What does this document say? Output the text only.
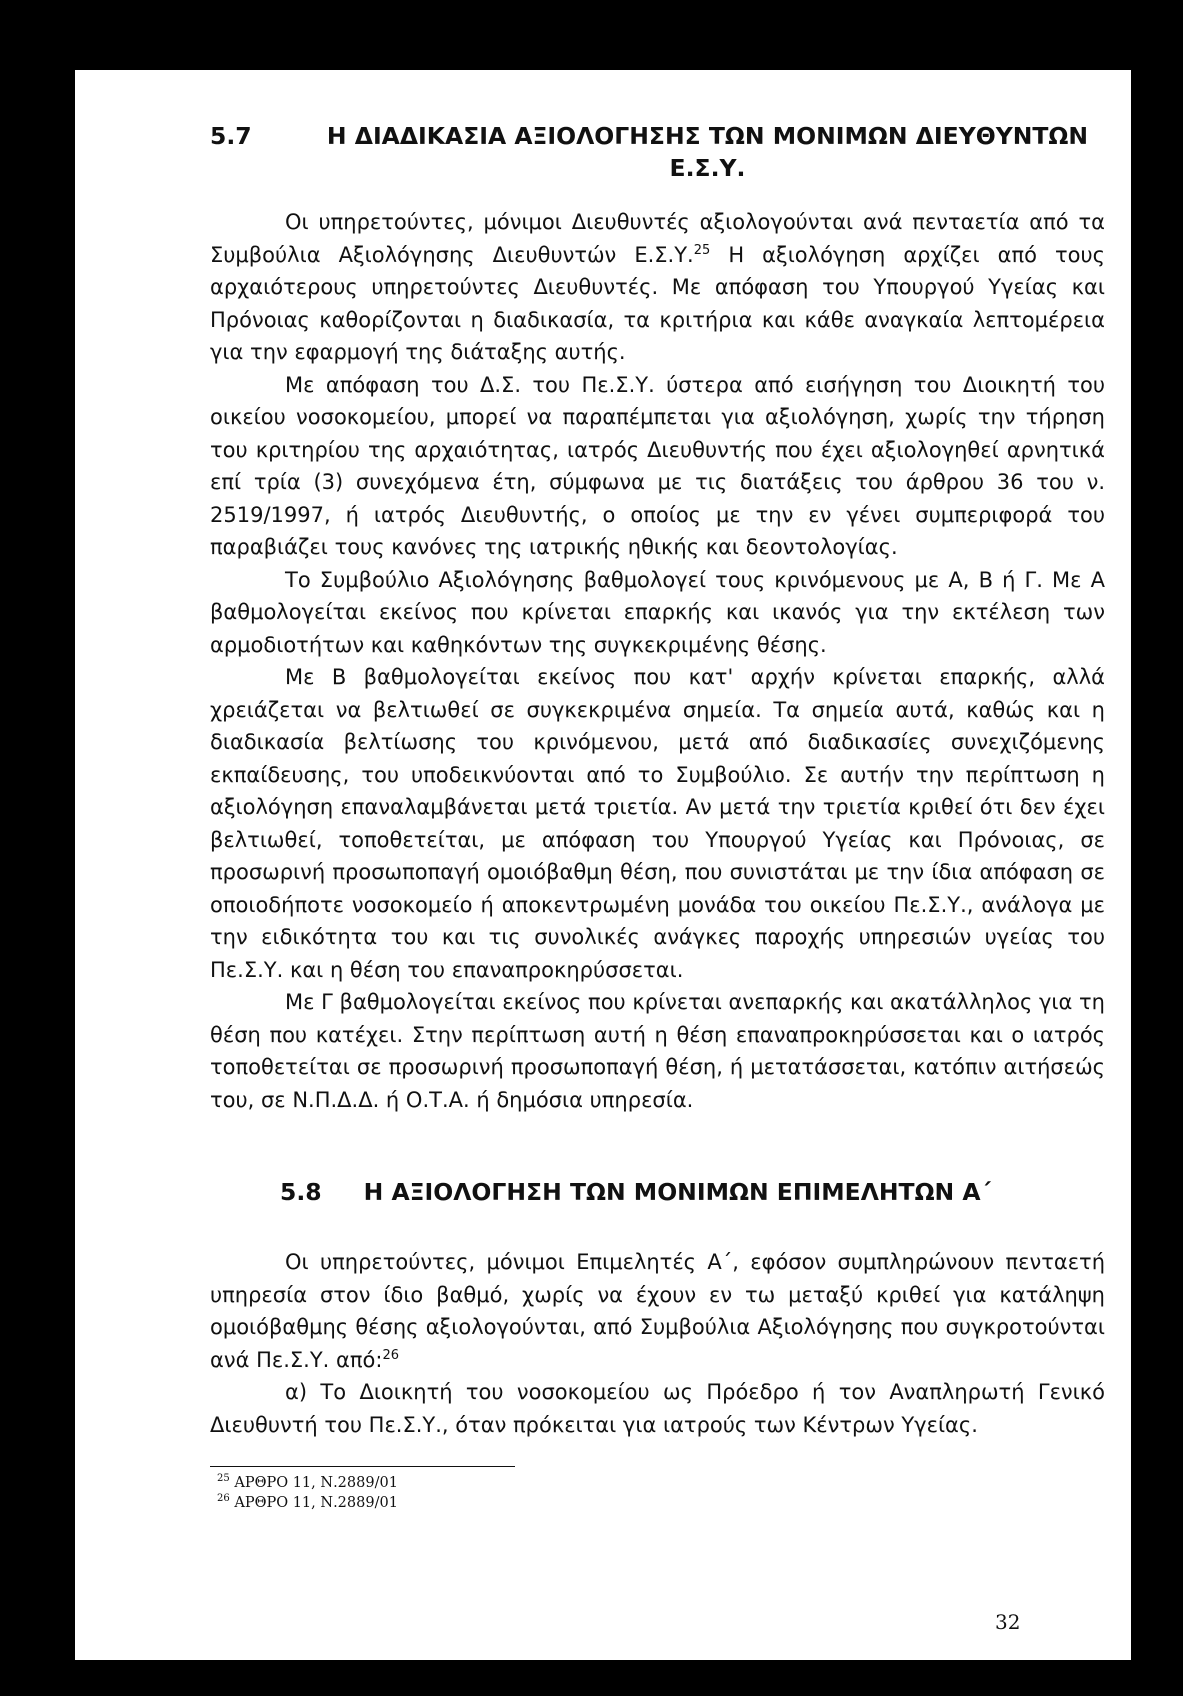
5.7	Η ΔΙΑΔΙΚΑΣΙΑ ΑΞΙΟΛΟΓΗΣΗΣ ΤΩΝ ΜΟΝΙΜΩΝ ΔΙΕΥΘΥΝΤΩΝ Ε.Σ.Υ.

Οι υπηρετούντες, μόνιμοι Διευθυντές αξιολογούνται ανά πενταετία από τα Συμβούλια Αξιολόγησης Διευθυντών Ε.Σ.Υ.$^{25}$ Η αξιολόγηση αρχίζει από τους αρχαιότερους υπηρετούντες Διευθυντές. Με απόφαση του Υπουργού Υγείας και Πρόνοιας καθορίζονται η διαδικασία, τα κριτήρια και κάθε αναγκαία λεπτομέρεια για την εφαρμογή της διάταξης αυτής.

Με απόφαση του Δ.Σ. του Πε.Σ.Υ. ύστερα από εισήγηση του Διοικητή του οικείου νοσοκομείου, μπορεί να παραπέμπεται για αξιολόγηση, χωρίς την τήρηση του κριτηρίου της αρχαιότητας, ιατρός Διευθυντής που έχει αξιολογηθεί αρνητικά επί τρία (3) συνεχόμενα έτη, σύμφωνα με τις διατάξεις του άρθρου 36 του ν. 2519/1997, ή ιατρός Διευθυντής, ο οποίος με την εν γένει συμπεριφορά του παραβιάζει τους κανόνες της ιατρικής ηθικής και δεοντολογίας.

Το Συμβούλιο Αξιολόγησης βαθμολογεί τους κρινόμενους με Α, Β ή Γ. Με Α βαθμολογείται εκείνος που κρίνεται επαρκής και ικανός για την εκτέλεση των αρμοδιοτήτων και καθηκόντων της συγκεκριμένης θέσης.

Με Β βαθμολογείται εκείνος που κατ' αρχήν κρίνεται επαρκής, αλλά χρειάζεται να βελτιωθεί σε συγκεκριμένα σημεία. Τα σημεία αυτά, καθώς και η διαδικασία βελτίωσης του κρινόμενου, μετά από διαδικασίες συνεχιζόμενης εκπαίδευσης, του υποδεικνύονται από το Συμβούλιο. Σε αυτήν την περίπτωση η αξιολόγηση επαναλαμβάνεται μετά τριετία. Αν μετά την τριετία κριθεί ότι δεν έχει βελτιωθεί, τοποθετείται, με απόφαση του Υπουργού Υγείας και Πρόνοιας, σε προσωρινή προσωποπαγή ομοιόβαθμη θέση, που συνιστάται με την ίδια απόφαση σε οποιοδήποτε νοσοκομείο ή αποκεντρωμένη μονάδα του οικείου Πε.Σ.Υ., ανάλογα με την ειδικότητα του και τις συνολικές ανάγκες παροχής υπηρεσιών υγείας του Πε.Σ.Υ. και η θέση του επαναπροκηρύσσεται.

Με Γ βαθμολογείται εκείνος που κρίνεται ανεπαρκής και ακατάλληλος για τη θέση που κατέχει. Στην περίπτωση αυτή η θέση επαναπροκηρύσσεται και ο ιατρός τοποθετείται σε προσωρινή προσωποπαγή θέση, ή μετατάσσεται, κατόπιν αιτήσεώς του, σε Ν.Π.Δ.Δ. ή Ο.Τ.Α. ή δημόσια υπηρεσία.

5.8 Η ΑΞΙΟΛΟΓΗΣΗ ΤΩΝ ΜΟΝΙΜΩΝ ΕΠΙΜΕΛΗΤΩΝ Α΄

Οι υπηρετούντες, μόνιμοι Επιμελητές Α΄, εφόσον συμπληρώνουν πενταετή υπηρεσία στον ίδιο βαθμό, χωρίς να έχουν εν τω μεταξύ κριθεί για κατάληψη ομοιόβαθμης θέσης αξιολογούνται, από Συμβούλια Αξιολόγησης που συγκροτούνται ανά Πε.Σ.Υ. από:$^{26}$

α) Το Διοικητή του νοσοκομείου ως Πρόεδρο ή τον Αναπληρωτή Γενικό Διευθυντή του Πε.Σ.Υ., όταν πρόκειται για ιατρούς των Κέντρων Υγείας.

$^{25}$ ΑΡΘΡΟ 11, Ν.2889/01
$^{26}$ ΑΡΘΡΟ 11, Ν.2889/01
32
